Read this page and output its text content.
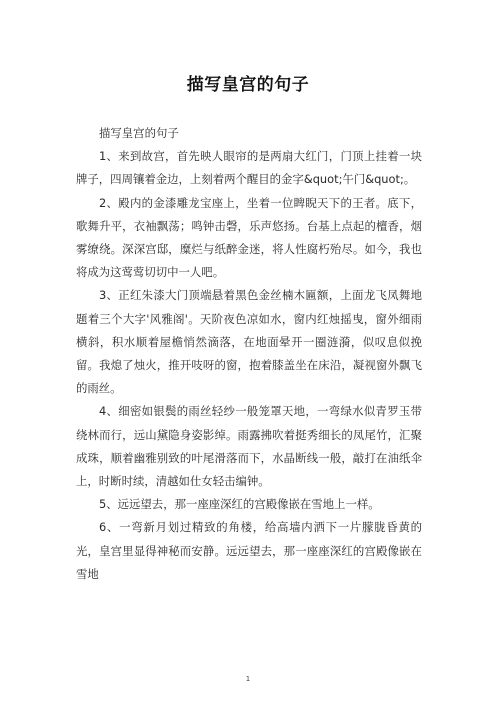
描写皇宫的句子

描写皇宫的句子

1、来到故宫，首先映人眼帘的是两扇大红门，门顶上挂着一块牌子，四周镶着金边，上刻着两个醒目的金字&quot;午门&quot;。

2、殿内的金漆雕龙宝座上，坐着一位睥睨天下的王者。底下，歌舞升平，衣袖飘荡；鸣钟击磬，乐声悠扬。台基上点起的檀香，烟雾缭绕。深深宫邸，糜烂与纸醉金迷，将人性腐朽殆尽。如今，我也将成为这莺莺切切中一人吧。

3、正红朱漆大门顶端悬着黑色金丝楠木匾额，上面龙飞凤舞地题着三个大字'风雅阁'。天阶夜色凉如水，窗内红烛摇曳，窗外细雨横斜，积水顺着屋檐悄然滴落，在地面晕开一圈涟漪，似叹息似挽留。我熄了烛火，推开吱呀的窗，抱着膝盖坐在床沿，凝视窗外飘飞的雨丝。

4、细密如银鬓的雨丝轻纱一般笼罩天地，一弯绿水似青罗玉带绕林而行，远山黛隐身姿影绰。雨露拂吹着挺秀细长的凤尾竹，汇聚成珠，顺着幽雅别致的叶尾滑落而下，水晶断线一般，敲打在油纸伞上，时断时续，清越如仕女轻击编钟。

5、远远望去，那一座座深红的宫殿像嵌在雪地上一样。

6、一弯新月划过精致的角楼，给高墙内洒下一片朦胧昏黄的光，皇宫里显得神秘而安静。远远望去，那一座座深红的宫殿像嵌在雪地

1
